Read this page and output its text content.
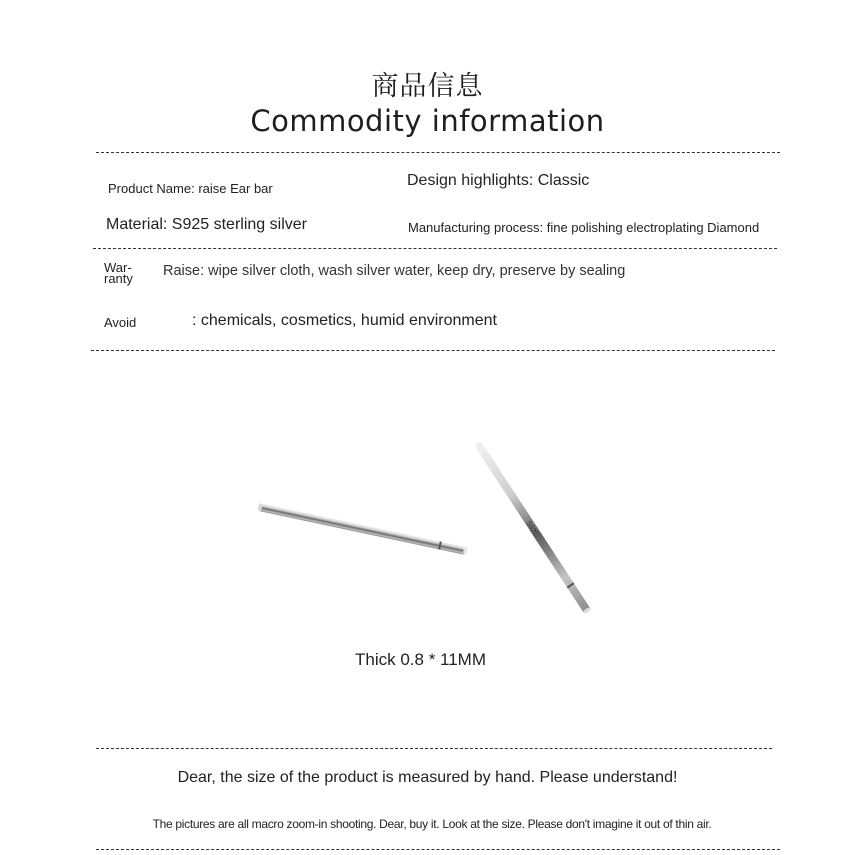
商品信息
Commodity information
Product Name: raise Ear bar	Design highlights: Classic
Material: S925 sterling silver	Manufacturing process: fine polishing electroplating Diamond
War-
ranty Raise: wipe silver cloth, wash silver water, keep dry, preserve by sealing
Avoid	: chemicals, cosmetics, humid environment
S925
Thick 0.8 * 11MM
Dear, the size of the product is measured by hand. Please understand!
The pictures are all macro zoom-in shooting. Dear, buy it. Look at the size. Please don't imagine it out of thin air.
